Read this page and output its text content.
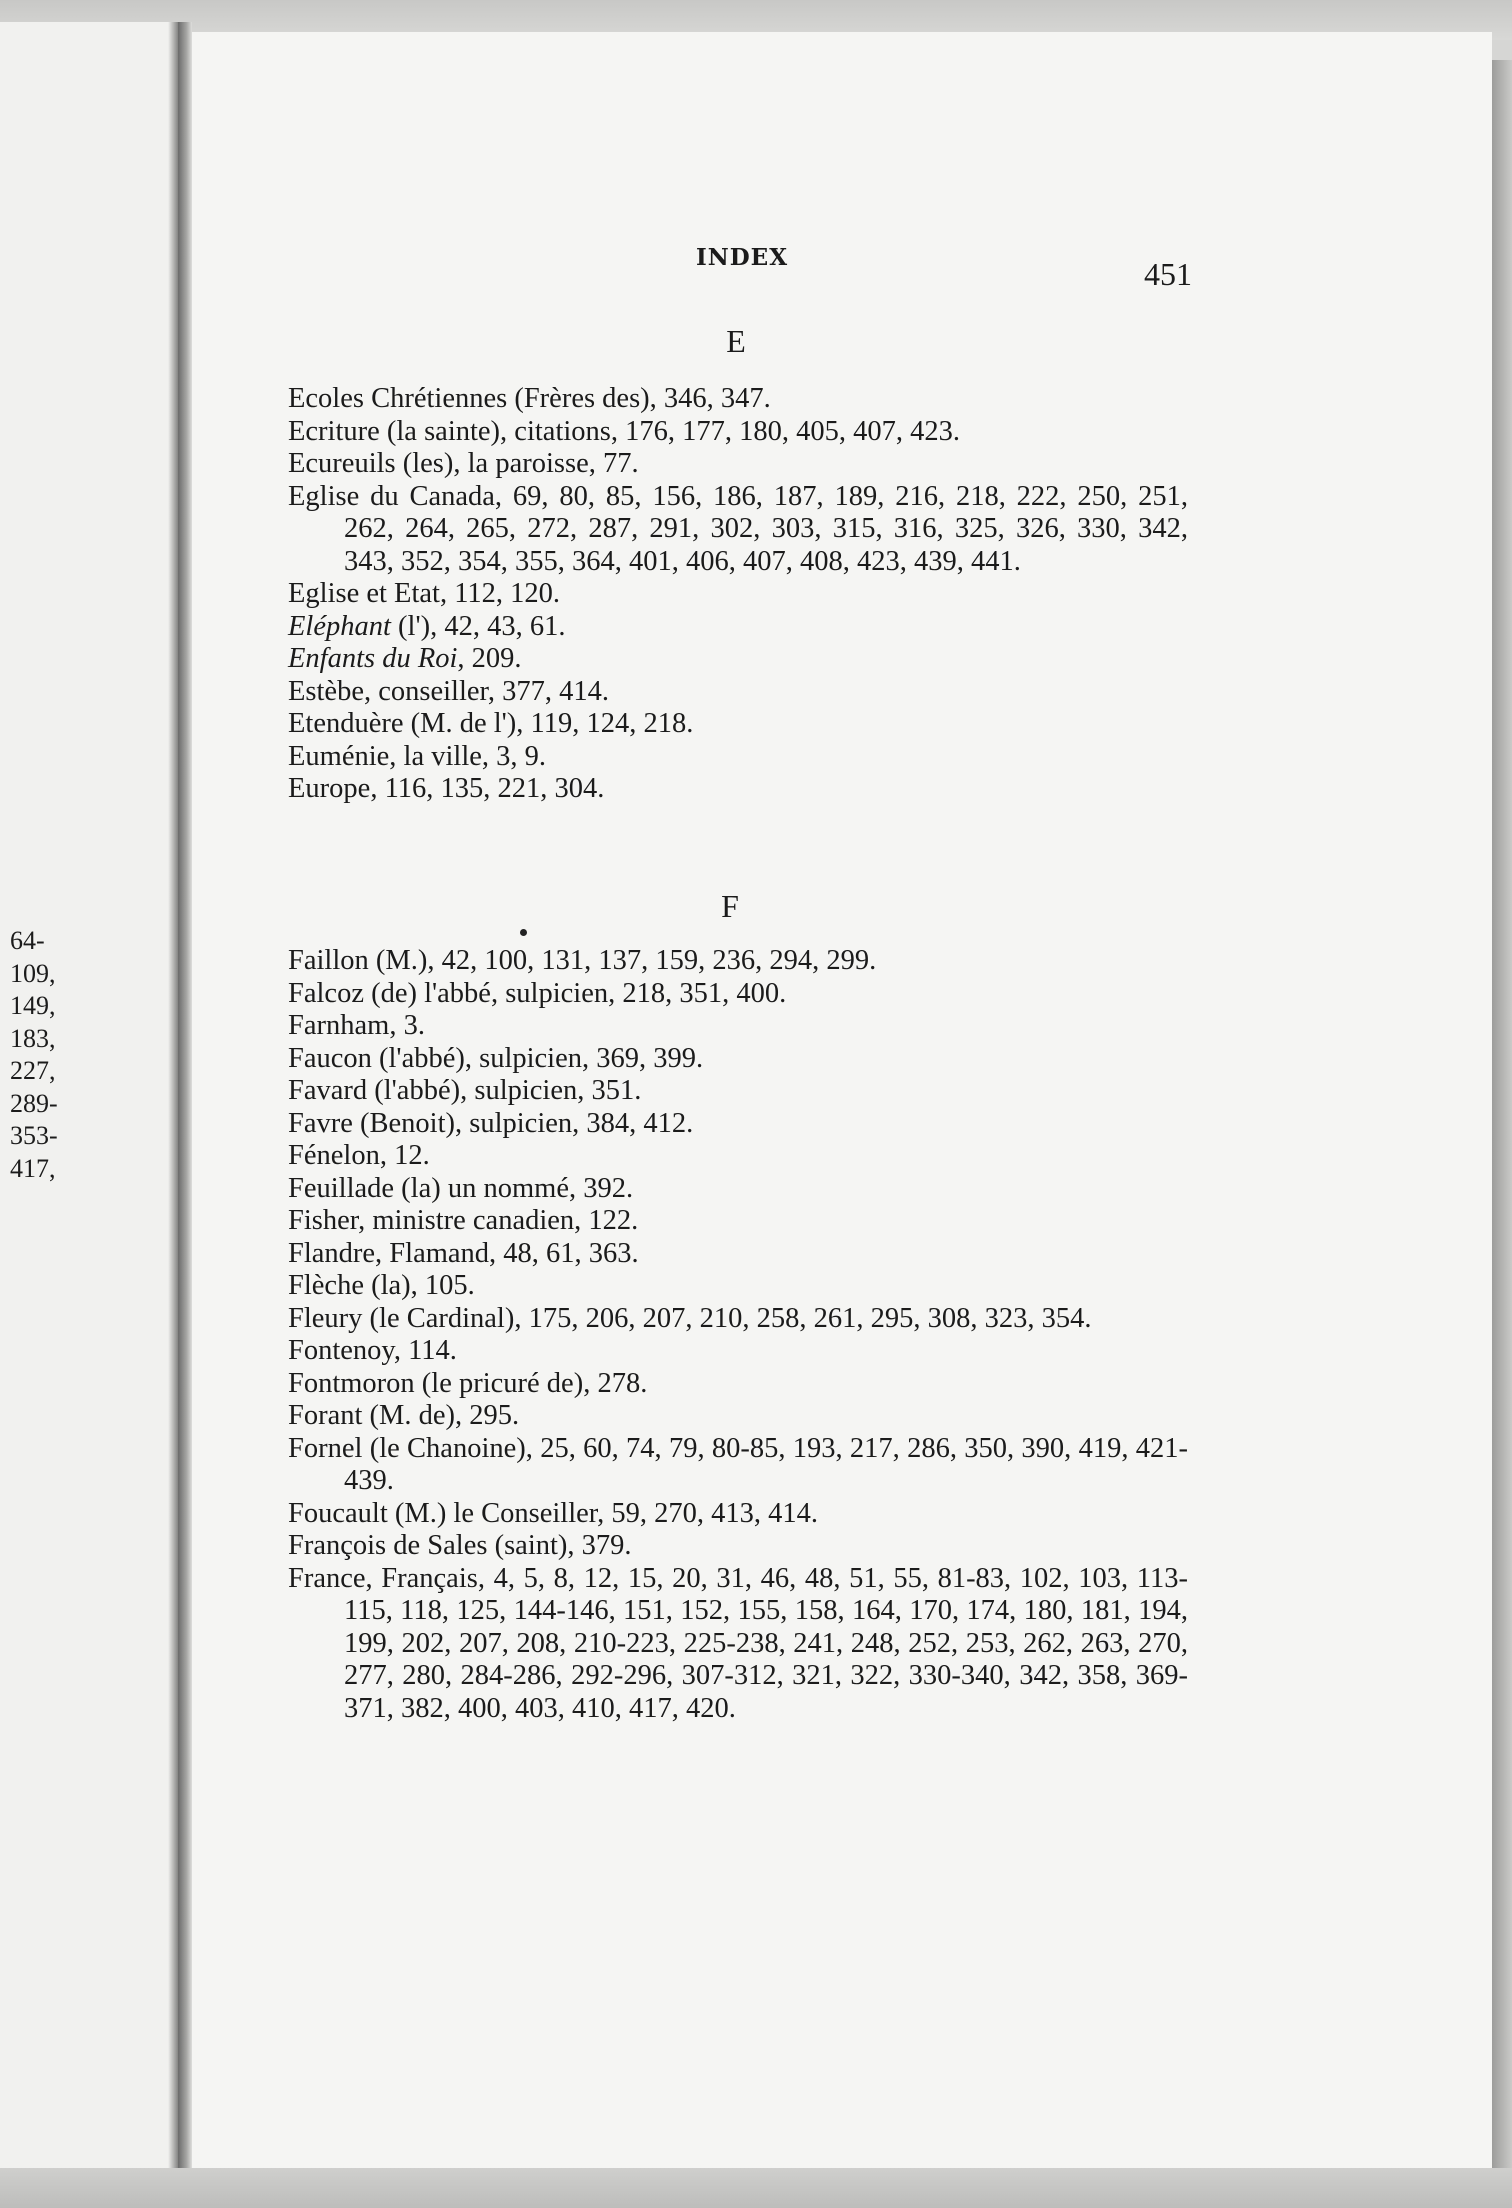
64-
109,
149,
183,
227,
289-
353-
417,
INDEX	451
E
Ecoles Chrétiennes (Frères des), 346, 347.
Ecriture (la sainte), citations, 176, 177, 180, 405, 407, 423.
Ecureuils (les), la paroisse, 77.
Eglise du Canada, 69, 80, 85, 156, 186, 187, 189, 216, 218, 222, 250, 251, 262, 264, 265, 272, 287, 291, 302, 303, 315, 316, 325, 326, 330, 342, 343, 352, 354, 355, 364, 401, 406, 407, 408, 423, 439, 441.
Eglise et Etat, 112, 120.
Eléphant (l'), 42, 43, 61.
Enfants du Roi, 209.
Estèbe, conseiller, 377, 414.
Etenduère (M. de l'), 119, 124, 218.
Euménie, la ville, 3, 9.
Europe, 116, 135, 221, 304.
F
Faillon (M.), 42, 100, 131, 137, 159, 236, 294, 299.
Falcoz (de) l'abbé, sulpicien, 218, 351, 400.
Farnham, 3.
Faucon (l'abbé), sulpicien, 369, 399.
Favard (l'abbé), sulpicien, 351.
Favre (Benoit), sulpicien, 384, 412.
Fénelon, 12.
Feuillade (la) un nommé, 392.
Fisher, ministre canadien, 122.
Flandre, Flamand, 48, 61, 363.
Flèche (la), 105.
Fleury (le Cardinal), 175, 206, 207, 210, 258, 261, 295, 308, 323, 354.
Fontenoy, 114.
Fontmoron (le pricuré de), 278.
Forant (M. de), 295.
Fornel (le Chanoine), 25, 60, 74, 79, 80-85, 193, 217, 286, 350, 390, 419, 421-439.
Foucault (M.) le Conseiller, 59, 270, 413, 414.
François de Sales (saint), 379.
France, Français, 4, 5, 8, 12, 15, 20, 31, 46, 48, 51, 55, 81-83, 102, 103, 113-115, 118, 125, 144-146, 151, 152, 155, 158, 164, 170, 174, 180, 181, 194, 199, 202, 207, 208, 210-223, 225-238, 241, 248, 252, 253, 262, 263, 270, 277, 280, 284-286, 292-296, 307-312, 321, 322, 330-340, 342, 358, 369-371, 382, 400, 403, 410, 417, 420.
